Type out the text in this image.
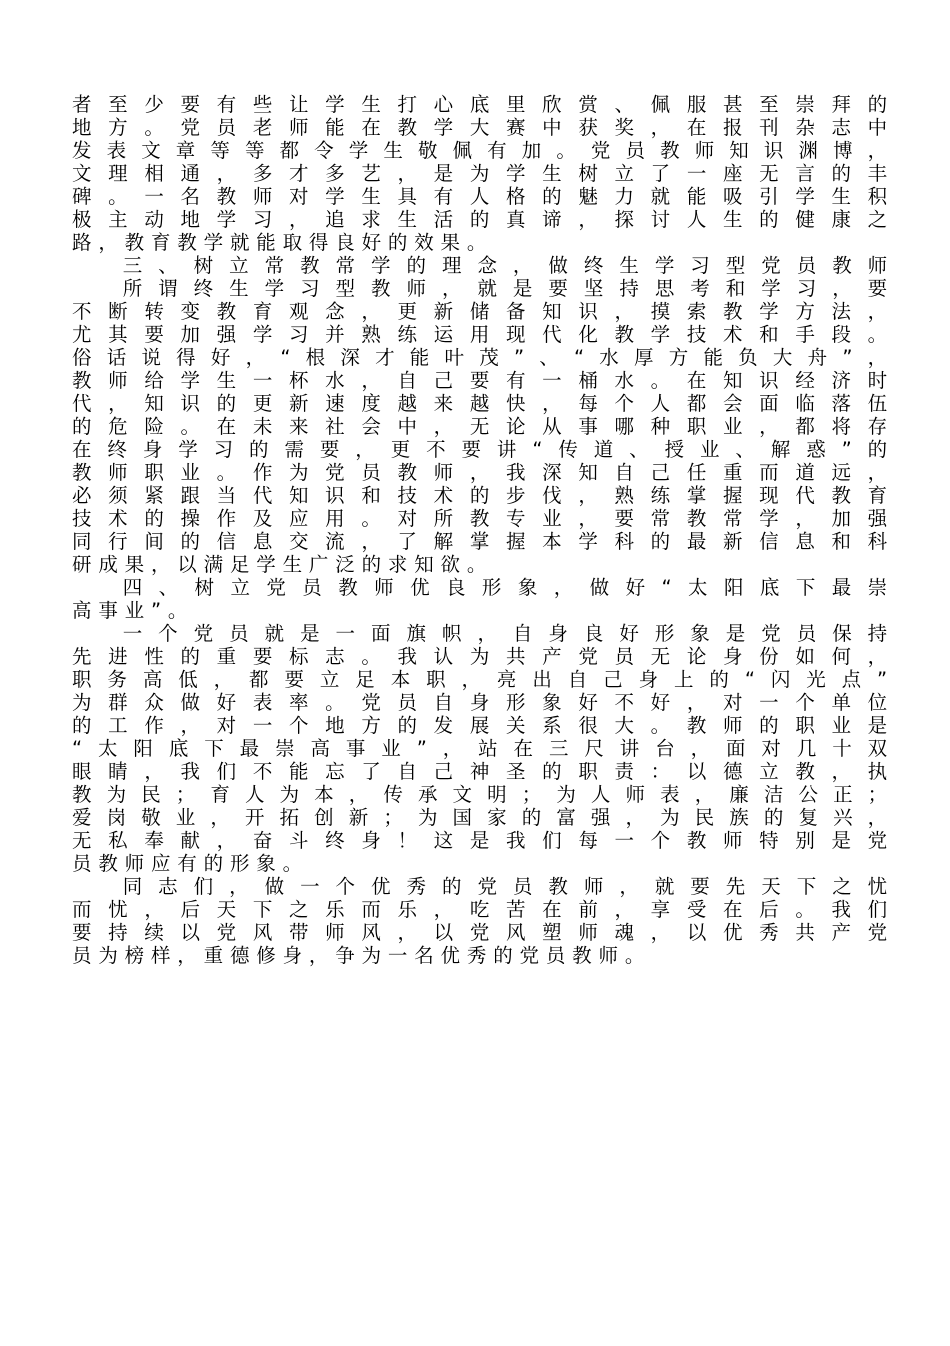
者至少要有些让学生打心底里欣赏、佩服甚至崇拜的
地方。党员老师能在教学大赛中获奖，在报刊杂志中
发表文章等等都令学生敬佩有加。党员教师知识渊博，
文理相通，多才多艺，是为学生树立了一座无言的丰
碑。一名教师对学生具有人格的魅力就能吸引学生积
极主动地学习，追求生活的真谛，探讨人生的健康之
路，教育教学就能取得良好的效果。
三、树立常教常学的理念，做终生学习型党员教师
所谓终生学习型教师，就是要坚持思考和学习，要
不断转变教育观念，更新储备知识，摸索教学方法，
尤其要加强学习并熟练运用现代化教学技术和手段。
俗话说得好，“根深才能叶茂”、“水厚方能负大舟”，
教师给学生一杯水，自己要有一桶水。在知识经济时
代，知识的更新速度越来越快，每个人都会面临落伍
的危险。在未来社会中，无论从事哪种职业，都将存
在终身学习的需要，更不要讲“传道、授业、解惑”的
教师职业。作为党员教师，我深知自己任重而道远，
必须紧跟当代知识和技术的步伐，熟练掌握现代教育
技术的操作及应用。对所教专业，要常教常学，加强
同行间的信息交流，了解掌握本学科的最新信息和科
研成果，以满足学生广泛的求知欲。
四、树立党员教师优良形象，做好“太阳底下最崇
高事业”。
一个党员就是一面旗帜，自身良好形象是党员保持
先进性的重要标志。我认为共产党员无论身份如何，
职务高低，都要立足本职，亮出自己身上的“闪光点”
为群众做好表率。党员自身形象好不好，对一个单位
的工作，对一个地方的发展关系很大。教师的职业是
“太阳底下最崇高事业”，站在三尺讲台，面对几十双
眼睛，我们不能忘了自己神圣的职责：以德立教，执
教为民；育人为本，传承文明；为人师表，廉洁公正；
爱岗敬业，开拓创新；为国家的富强，为民族的复兴，
无私奉献，奋斗终身！这是我们每一个教师特别是党
员教师应有的形象。
同志们，做一个优秀的党员教师，就要先天下之忧
而忧，后天下之乐而乐，吃苦在前，享受在后。我们
要持续以党风带师风，以党风塑师魂，以优秀共产党
员为榜样，重德修身，争为一名优秀的党员教师。
